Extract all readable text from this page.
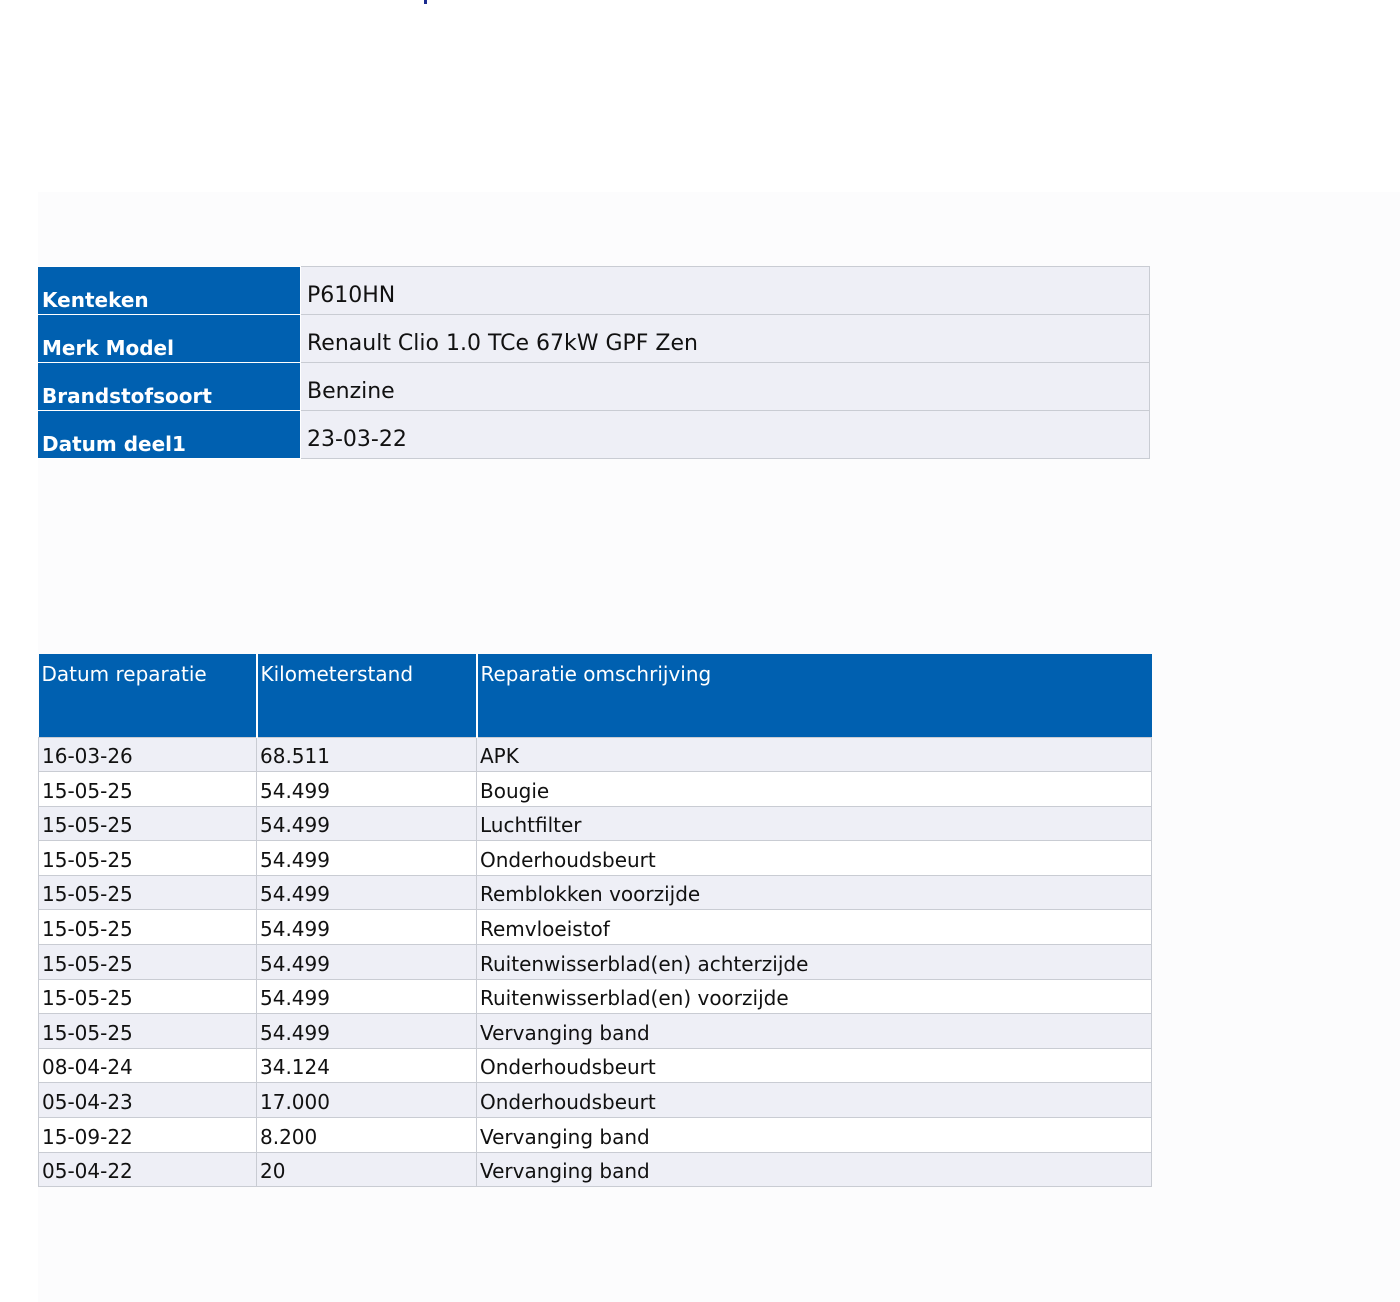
Kenteken	P610HN
Merk Model	Renault Clio 1.0 TCe 67kW GPF Zen
Brandstofsoort	Benzine
Datum deel1	23-03-22
Datum reparatie	Kilometerstand	Reparatie omschrijving
16-03-26	68.511	APK
15-05-25	54.499	Bougie
15-05-25	54.499	Luchtfilter
15-05-25	54.499	Onderhoudsbeurt
15-05-25	54.499	Remblokken voorzijde
15-05-25	54.499	Remvloeistof
15-05-25	54.499	Ruitenwisserblad(en) achterzijde
15-05-25	54.499	Ruitenwisserblad(en) voorzijde
15-05-25	54.499	Vervanging band
08-04-24	34.124	Onderhoudsbeurt
05-04-23	17.000	Onderhoudsbeurt
15-09-22	8.200	Vervanging band
05-04-22	20	Vervanging band
